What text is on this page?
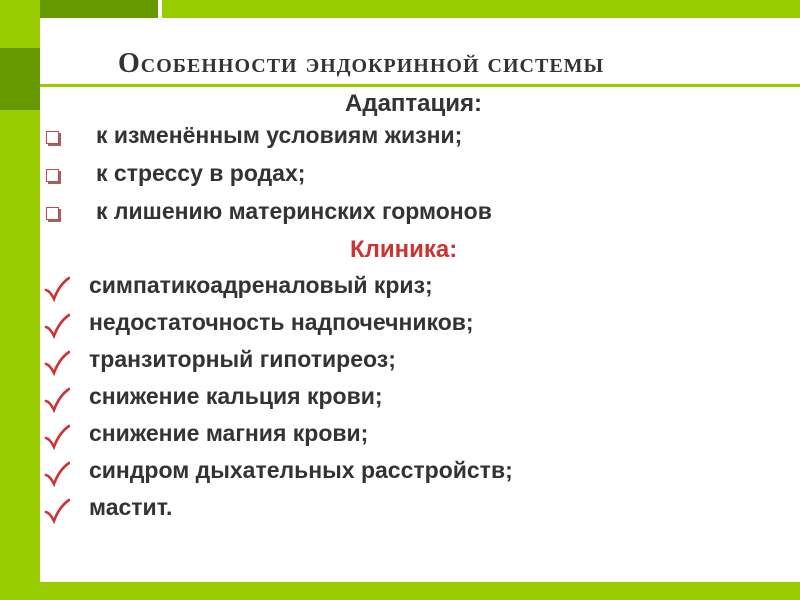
Особенности эндокринной системы
Адаптация:
к изменённым условиям жизни;
к стрессу в родах;
к лишению материнских гормонов
Клиника:
симпатикоадреналовый криз;
недостаточность надпочечников;
транзиторный гипотиреоз;
снижение кальция крови;
снижение магния крови;
синдром дыхательных расстройств;
мастит.
